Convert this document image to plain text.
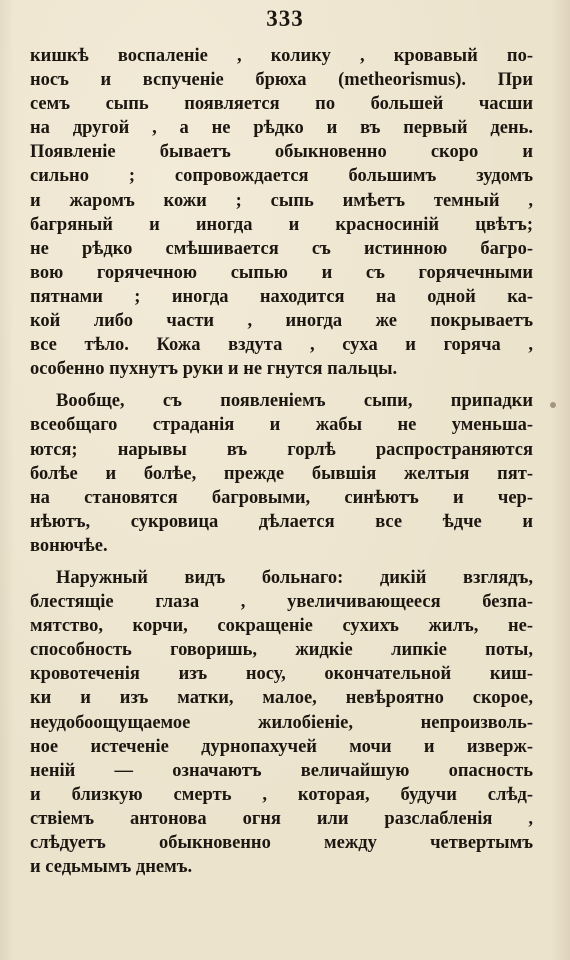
333
кишкѣ воспаленіе , колику , кровавый по-
носъ и вспученіе брюха (metheorismus). При
семъ сыпь появляется по большей часши
на другой , а не рѣдко и въ первый день.
Появленіе бываетъ обыкновенно скоро и
сильно ; сопровождается большимъ зудомъ
и жаромъ кожи ; сыпь имѣетъ темный ,
багряный и иногда и красносиній цвѣтъ;
не рѣдко смѣшивается съ истинною багро-
вою горячечною сыпью и съ горячечными
пятнами ; иногда находится на одной ка-
кой либо части , иногда же покрываетъ
все тѣло. Кожа вздута , суха и горяча ,
особенно пухнутъ руки и не гнутся пальцы.
Вообще, съ появленіемъ сыпи, припадки
всеобщаго страданія и жабы не уменьша-
ются; нарывы въ горлѣ распространяются
болѣе и болѣе, прежде бывшія желтыя пят-
на становятся багровыми, синѣютъ и чер-
нѣютъ, сукровица дѣлается все ѣдче и
вонючѣе.
Наружный видъ больнаго: дикій взглядъ,
блестящіе глаза , увеличивающееся безпа-
мятство, корчи, сокращеніе сухихъ жилъ, не-
способность говоришь, жидкіе липкіе поты,
кровотеченія изъ носу, окончательной киш-
ки и изъ матки, малое, невѣроятно скорое,
неудобоощущаемое жилобіеніе, непроизволь-
ное истеченіе дурнопахучей мочи и изверж-
неній — означаютъ величайшую опасность
и близкую смерть , которая, будучи слѣд-
ствіемъ антонова огня или разслабленія ,
слѣдуетъ обыкновенно между четвертымъ
и седьмымъ днемъ.
